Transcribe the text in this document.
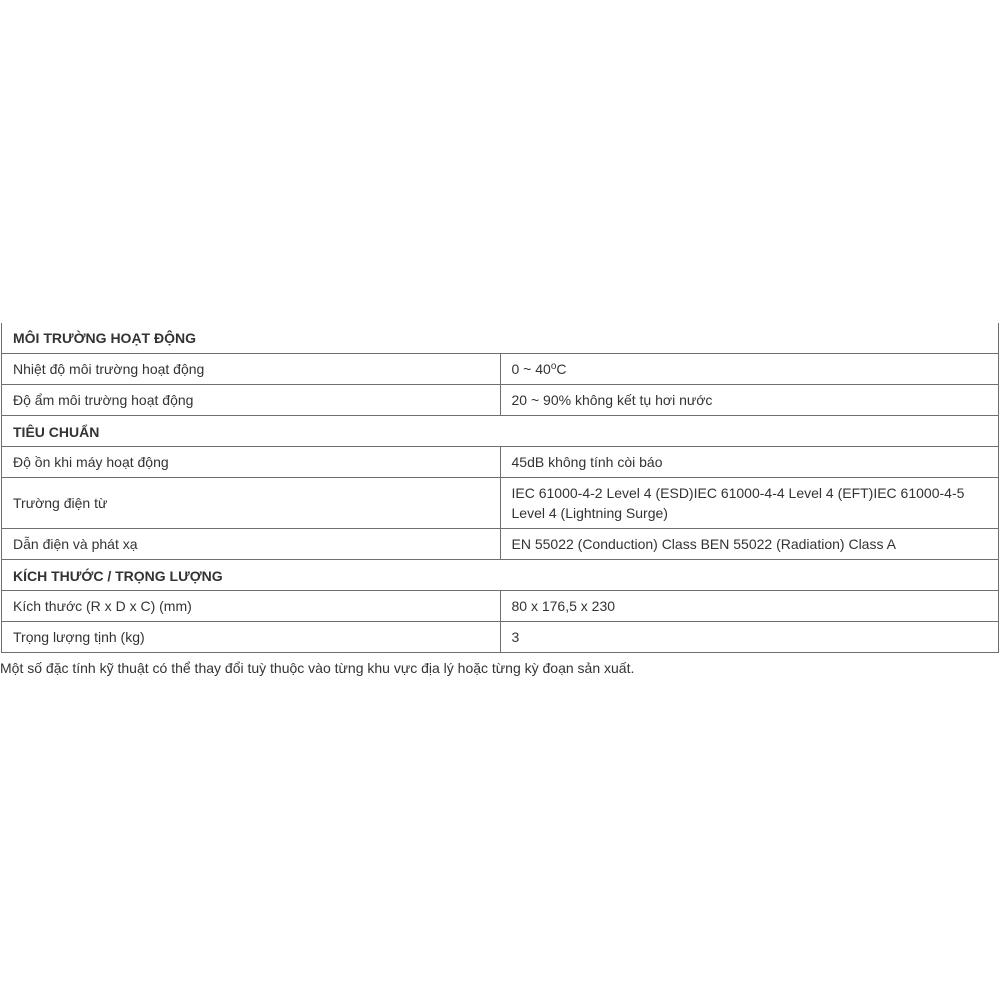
MÔI TRƯỜNG HOẠT ĐỘNG	
Nhiệt độ môi trường hoạt động	0 ~ 40$^o$C
Độ ẩm môi trường hoạt động	20 ~ 90% không kết tụ hơi nước
TIÊU CHUẨN	
Độ ồn khi máy hoạt động	45dB không tính còi báo
Trường điện từ	IEC 61000-4-2 Level 4 (ESD)IEC 61000-4-4 Level 4 (EFT)IEC 61000-4-5 Level 4 (Lightning Surge)
Dẫn điện và phát xạ	EN 55022 (Conduction) Class BEN 55022 (Radiation) Class A
KÍCH THƯỚC / TRỌNG LƯỢNG	
Kích thước (R x D x C) (mm)	80 x 176,5 x 230
Trọng lượng tịnh (kg)	3
Một số đặc tính kỹ thuật có thể thay đổi tuỳ thuộc vào từng khu vực địa lý hoặc từng kỳ đoạn sản xuất.
